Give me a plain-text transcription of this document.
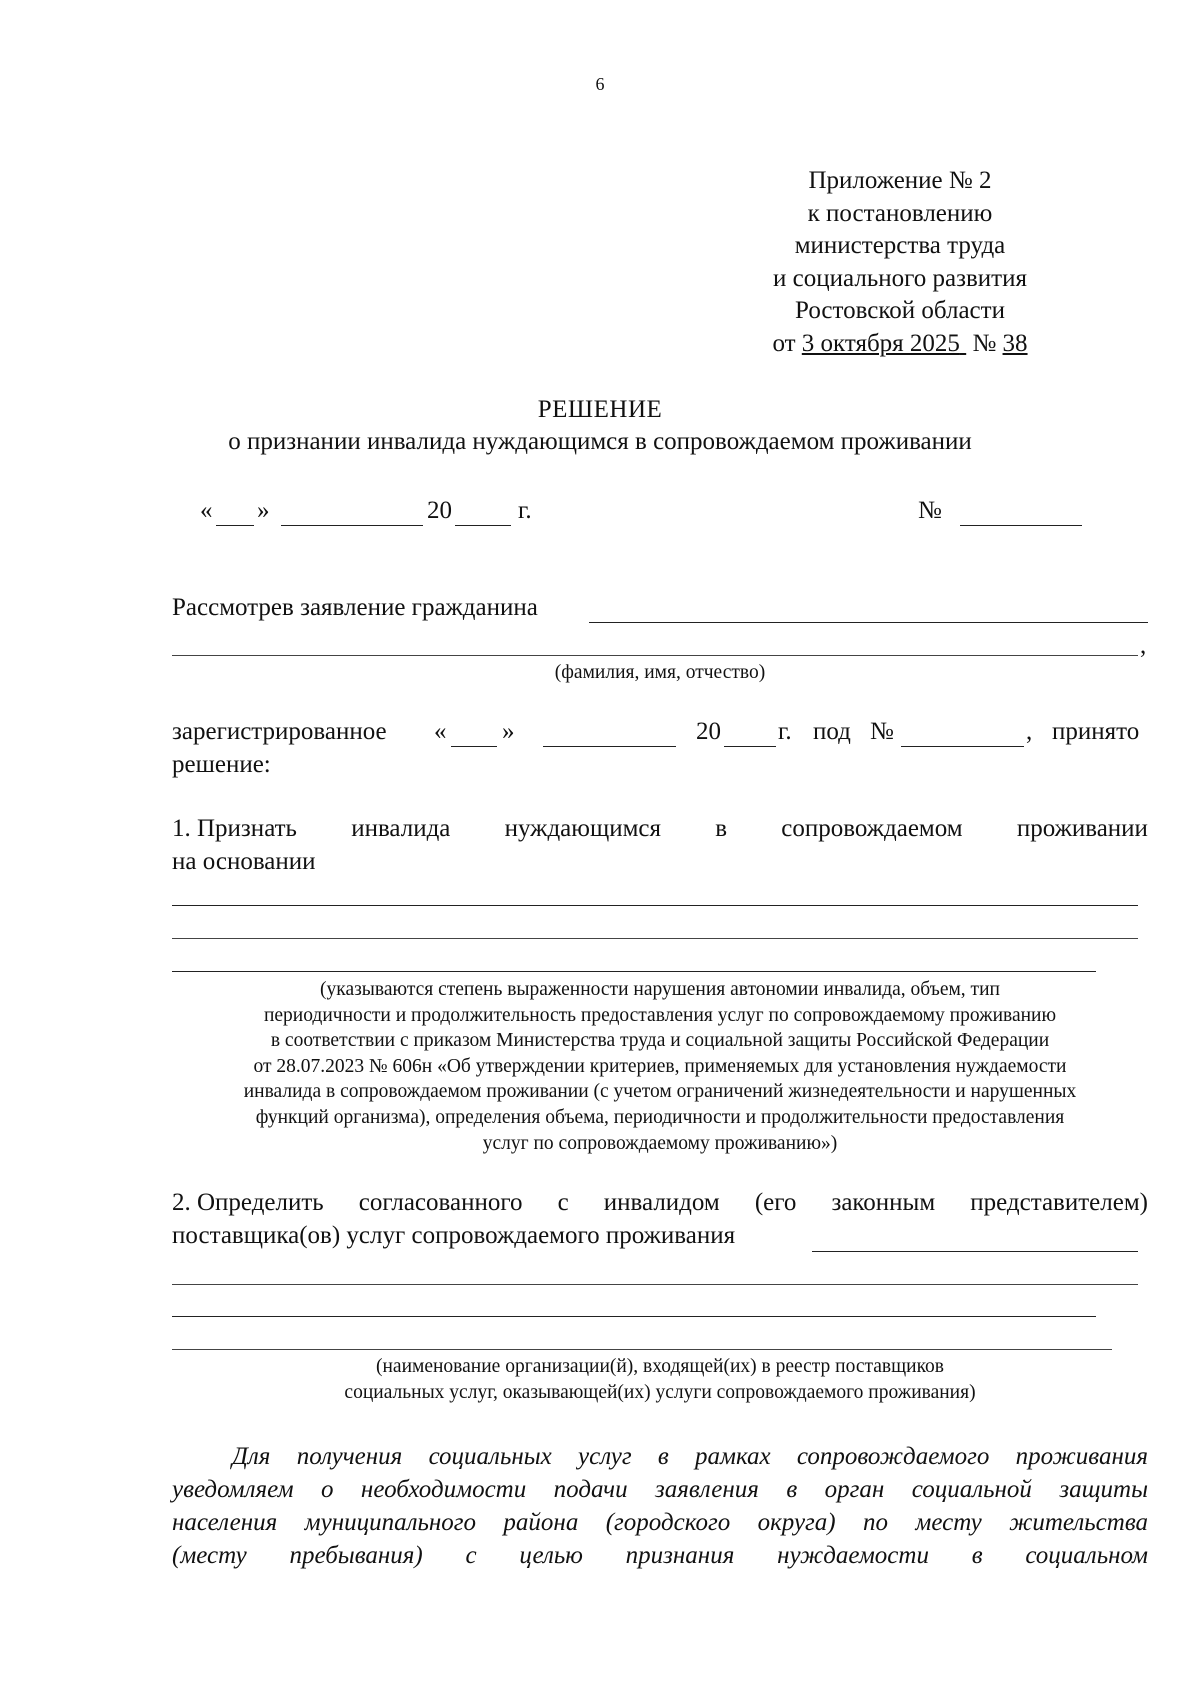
6
Приложение № 2
к постановлению
министерства труда
и социального развития
Ростовской области
от 3 октября 2025 № 38
РЕШЕНИЕ
о признании инвалида нуждающимся в сопровождаемом проживании
« »	20	г.	№
Рассмотрев заявление гражданина
,
(фамилия, имя, отчество)
зарегистрированное « »	20 г. под №	, принято
решение:
1. Признать инвалида нуждающимся в сопровождаемом проживании
на основании
(указываются степень выраженности нарушения автономии инвалида, объем, тип
периодичности и продолжительность предоставления услуг по сопровождаемому проживанию
в соответствии с приказом Министерства труда и социальной защиты Российской Федерации
от 28.07.2023 № 606н «Об утверждении критериев, применяемых для установления нуждаемости
инвалида в сопровождаемом проживании (с учетом ограничений жизнедеятельности и нарушенных
функций организма), определения объема, периодичности и продолжительности предоставления
услуг по сопровождаемому проживанию»)
2. Определить согласованного с инвалидом (его законным представителем)
поставщика(ов) услуг сопровождаемого проживания
(наименование организации(й), входящей(их) в реестр поставщиков
социальных услуг, оказывающей(их) услуги сопровождаемого проживания)
Для получения социальных услуг в рамках сопровождаемого проживания
уведомляем о необходимости подачи заявления в орган социальной защиты
населения муниципального района (городского округа) по месту жительства
(месту пребывания) с целью признания нуждаемости в социальном
